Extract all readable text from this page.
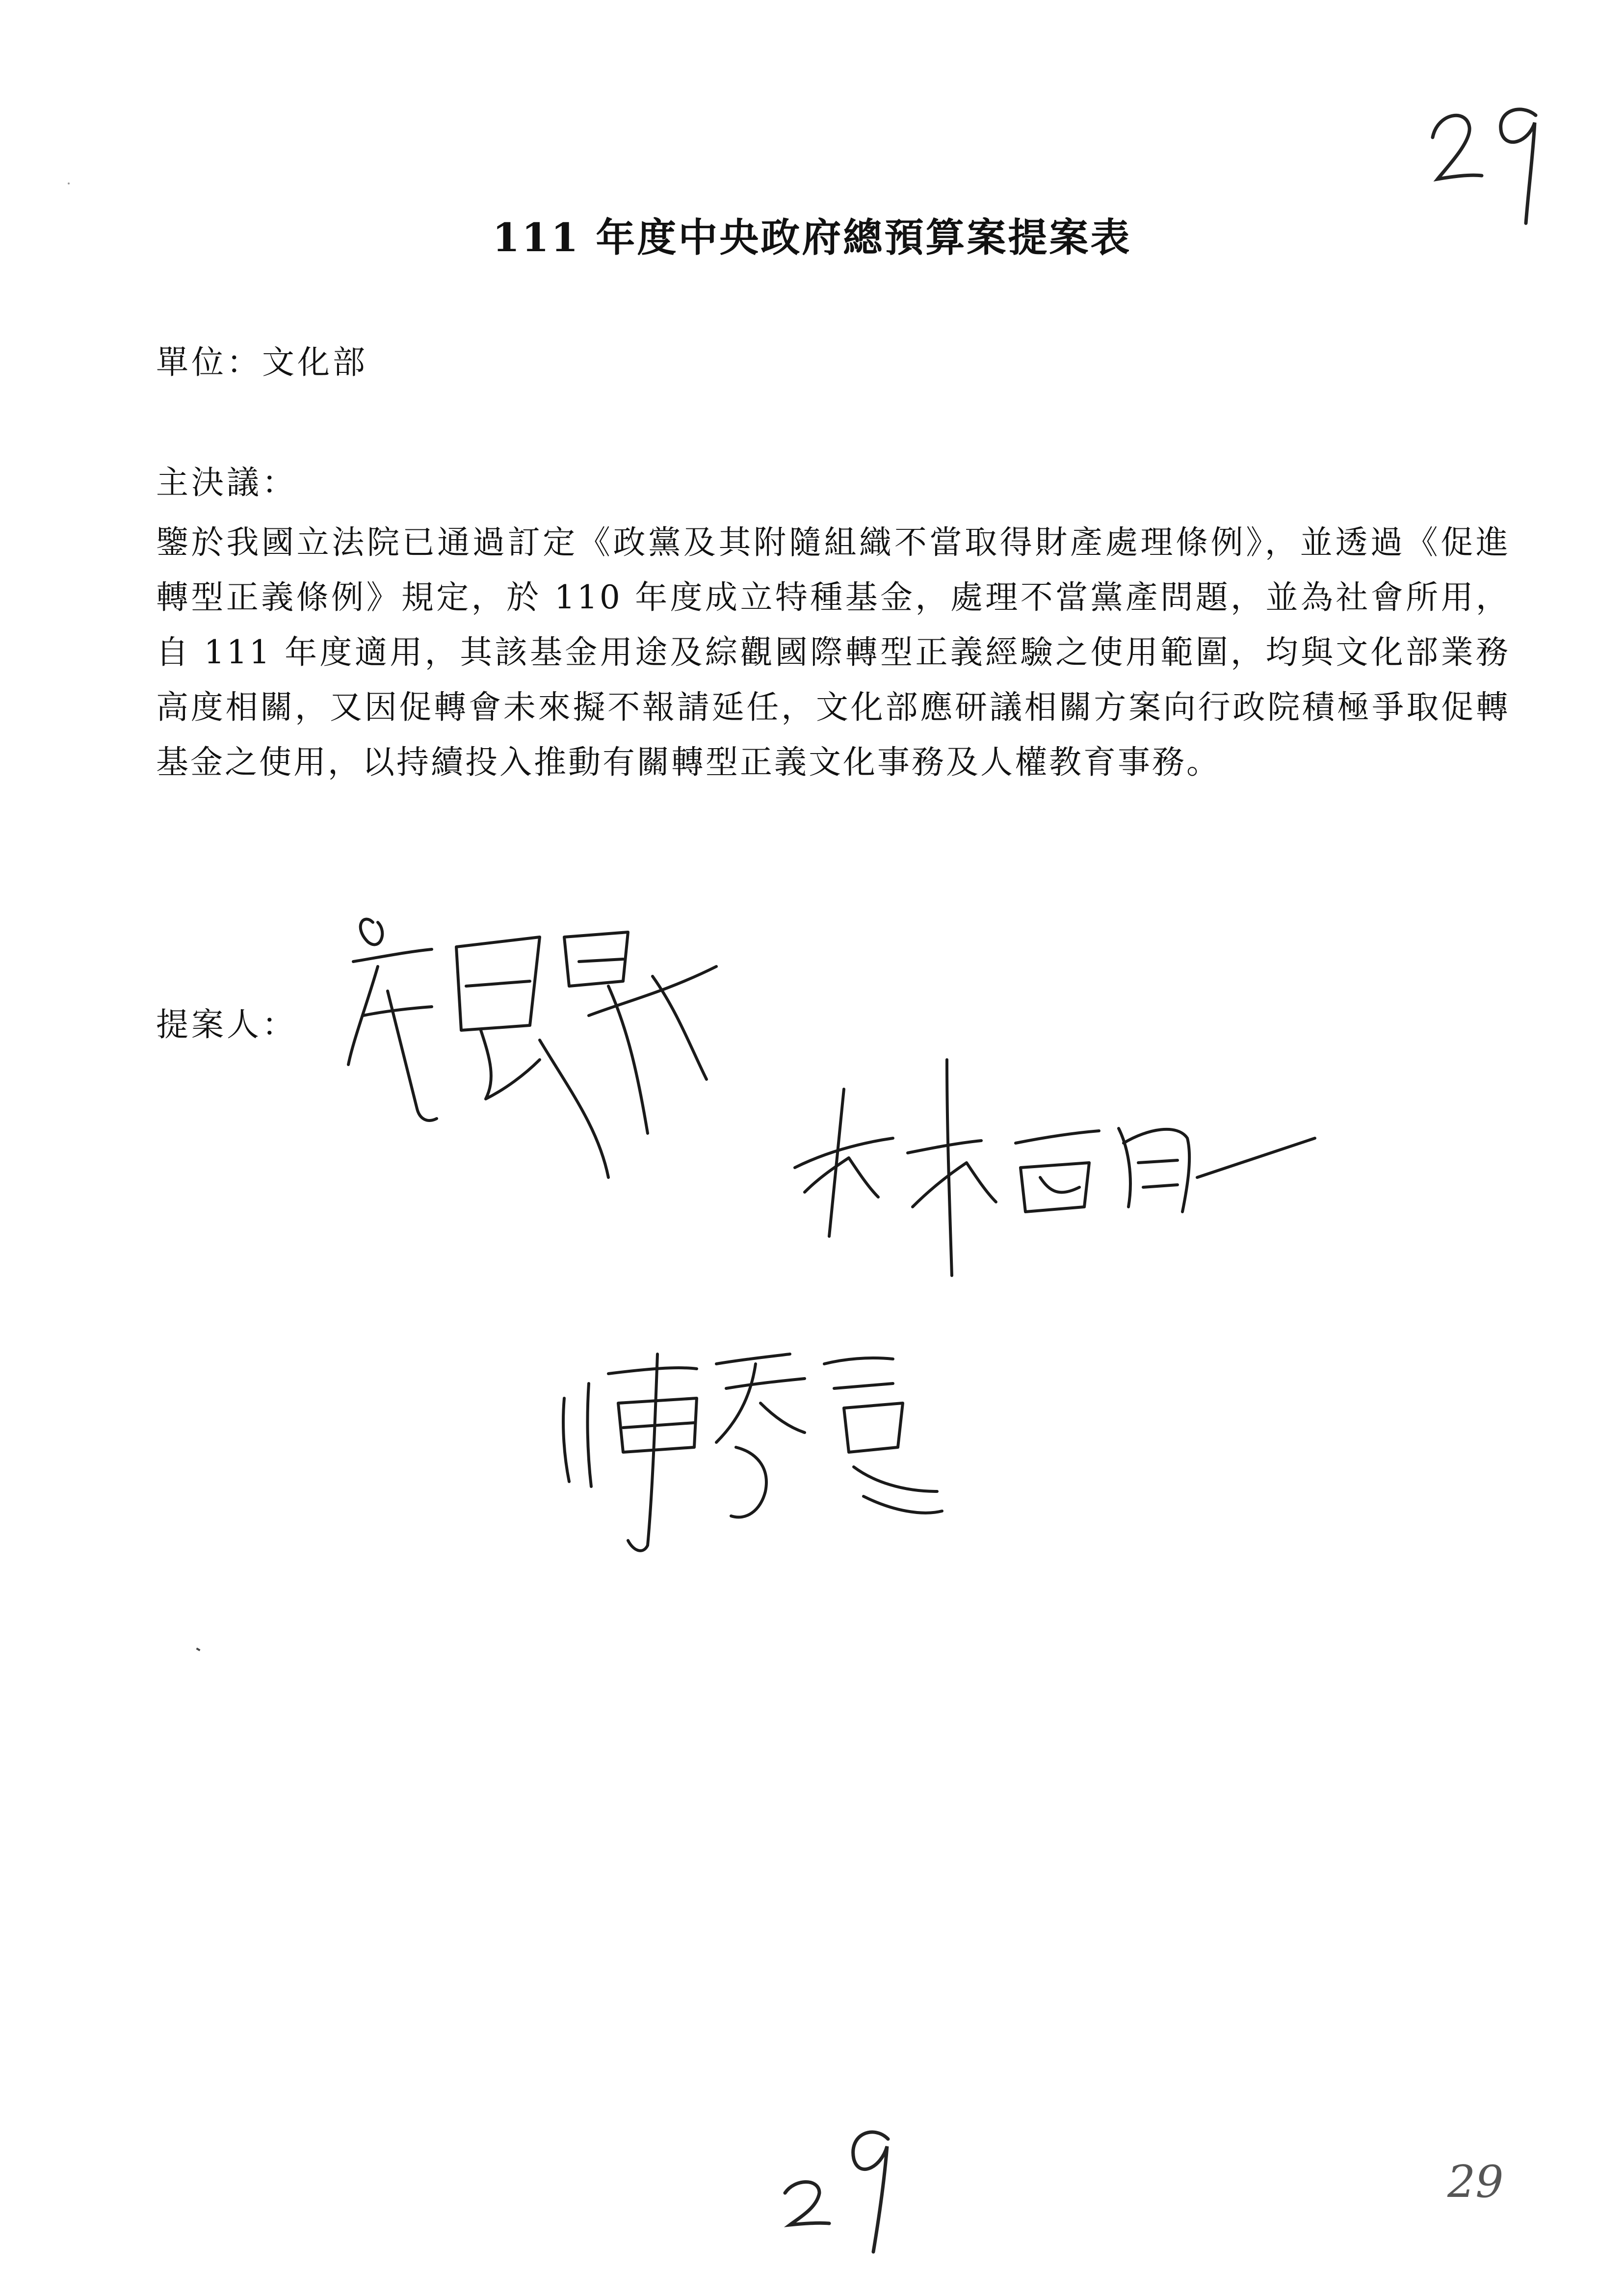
111 年度中央政府總預算案提案表
單位：文化部
主決議：
鑒於我國立法院已通過訂定《政黨及其附隨組織不當取得財產處理條例》，並透過《促進轉型正義條例》規定，於 110 年度成立特種基金，處理不當黨產問題，並為社會所用，自 111 年度適用，其該基金用途及綜觀國際轉型正義經驗之使用範圍，均與文化部業務高度相關，又因促轉會未來擬不報請延任，文化部應研議相關方案向行政院積極爭取促轉基金之使用，以持續投入推動有關轉型正義文化事務及人權教育事務。
提案人：
29
